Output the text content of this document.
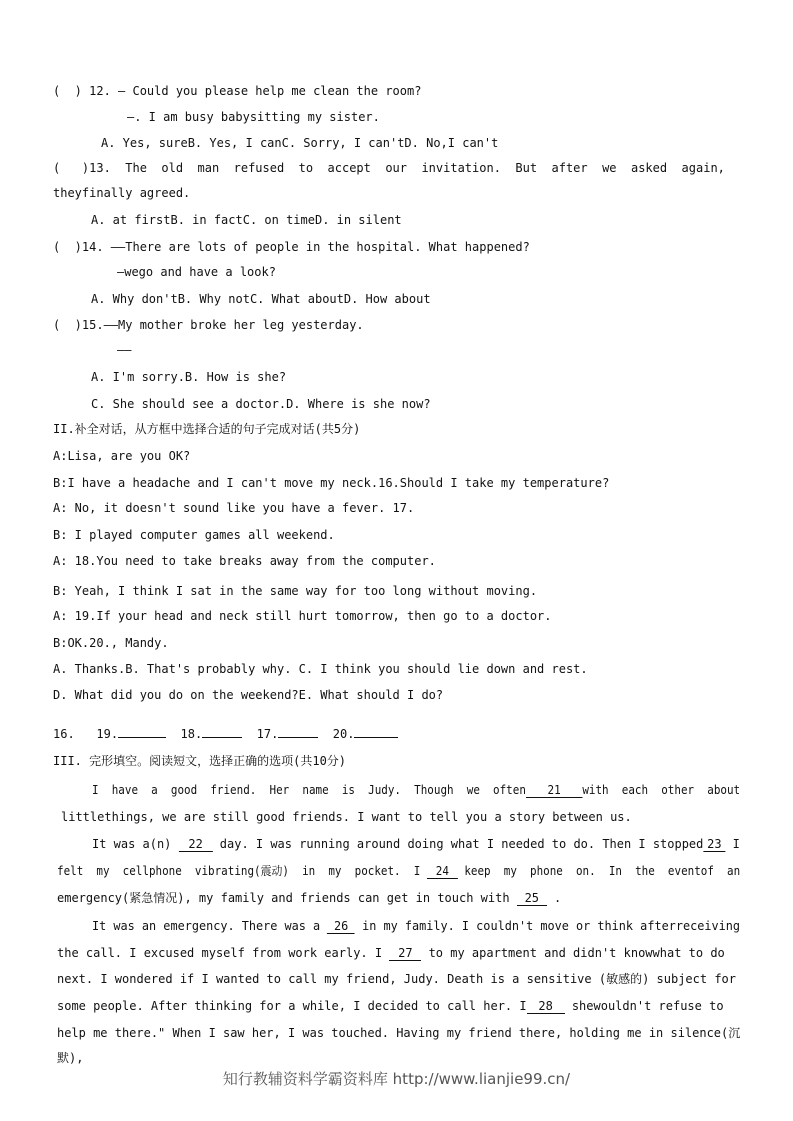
(  ) 12. — Could you please help me clean the room?
—. I am busy babysitting my sister.
A. Yes, sureB. Yes, I canC. Sorry, I can'tD. No,I can't
(   )13.  The  old  man  refused  to  accept  our  invitation.  But  after  we  asked  again,
theyfinally agreed.
A. at firstB. in factC. on timeD. in silent
(  )14. ——There are lots of people in the hospital. What happened?
—wego and have a look?
A. Why don'tB. Why notC. What aboutD. How about
(  )15.——My mother broke her leg yesterday.
——
A. I'm sorry.B. How is she?
C. She should see a doctor.D. Where is she now?
II.补全对话，从方框中选择合适的句子完成对话(共5分)
A:Lisa, are you OK?
B:I have a headache and I can't move my neck.16.Should I take my temperature?
A: No, it doesn't sound like you have a fever. 17.
B: I played computer games all weekend.
A: 18.You need to take breaks away from the computer.
B: Yeah, I think I sat in the same way for too long without moving.
A: 19.If your head and neck still hurt tomorrow, then go to a doctor.
B:OK.20., Mandy.
A. Thanks.B. That's probably why. C. I think you should lie down and rest.
D. What did you do on the weekend?E. What should I do?
16. 19.	18.	17.	20.
III. 完形填空。阅读短文，选择正确的选项(共10分)
I  have  a  good  friend.  Her  name  is  Judy.  Though  we  often 21 with  each  other  about
littlethings, we are still good friends. I want to tell you a story between us.
It was a(n) 22 day. I was running around doing what I needed to do. Then I stopped 23 I
felt  my  cellphone  vibrating(震动)  in  my  pocket.  I 24 keep  my  phone  on.  In  the  eventof  an
emergency(紧急情况), my family and friends can get in touch with 25 .
It was an emergency. There was a 26 in my family. I couldn't move or think afterreceiving
the call. I excused myself from work early. I 27 to my apartment and didn't knowwhat to do
next. I wondered if I wanted to call my friend, Judy. Death is a sensitive (敏感的) subject for
some people. After thinking for a while, I decided to call her. I 28 shewouldn't refuse to
help me there." When I saw her, I was touched. Having my friend there, holding me in silence(沉
默),
知行教辅资料学霸资料库 http://www.lianjie99.cn/
